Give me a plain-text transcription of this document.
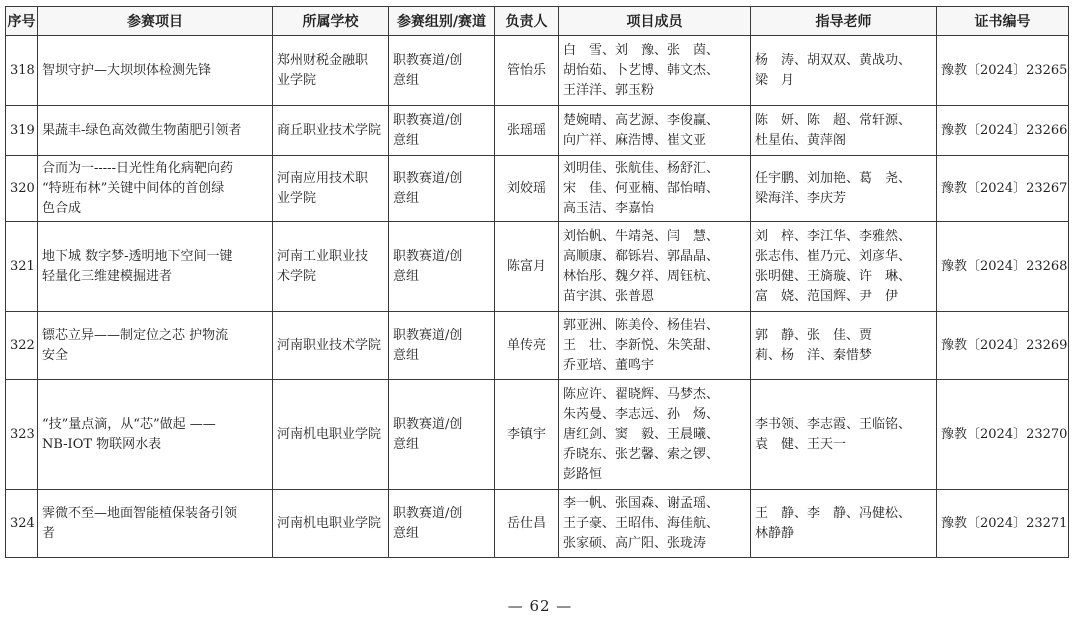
序号	参赛项目	所属学校	参赛组别/赛道	负责人	项目成员	指导老师	证书编号
318	智坝守护—大坝坝体检测先锋	郑州财税金融职
业学院	职教赛道/创
意组	管怡乐	白　雪、刘　豫、张　茵、
胡怡茹、卜艺博、韩文杰、
王洋洋、郭玉粉	杨　涛、胡双双、黄战功、
梁　月	豫教〔2024〕23265
319	果蔬丰-绿色高效微生物菌肥引领者	商丘职业技术学院	职教赛道/创
意组	张瑶瑶	楚婉晴、高艺源、李俊赢、
向广祥、麻浩博、崔文亚	陈　妍、陈　超、常轩源、
杜星佑、黄萍阁	豫教〔2024〕23266
320	合而为一-----日光性角化病靶向药
“特班布林”关键中间体的首创绿
色合成	河南应用技术职
业学院	职教赛道/创
意组	刘姣瑶	刘明佳、张航佳、杨舒汇、
宋　佳、何亚楠、郜怡晴、
高玉洁、李嘉怡	任宇鹏、刘加艳、葛　尧、
梁海洋、李庆芳	豫教〔2024〕23267
321	地下城 数字梦-透明地下空间一键
轻量化三维建模掘进者	河南工业职业技
术学院	职教赛道/创
意组	陈富月	刘怡帆、牛靖尧、闫　慧、
高顺康、郗铄岩、郭晶晶、
林怡彤、魏夕祥、周钰杭、
苗宇淇、张普恩	刘　梓、李江华、李雅然、
张志伟、崔乃元、刘彦华、
张明健、王旖璇、许　琳、
富　娆、范国辉、尹　伊	豫教〔2024〕23268
322	镖芯立异——制定位之芯 护物流
安全	河南职业技术学院	职教赛道/创
意组	单传亮	郭亚洲、陈美伶、杨佳岩、
王　壮、李新悦、朱笑甜、
乔亚培、董鸣宇	郭　静、张　佳、贾
莉、杨　洋、秦惜梦	豫教〔2024〕23269
323	“技”量点滴，从“芯”做起 ——
NB-IOT 物联网水表	河南机电职业学院	职教赛道/创
意组	李镇宇	陈应许、翟晓辉、马梦杰、
朱芮曼、李志远、孙　炀、
唐红剑、窦　毅、王晨曦、
乔晓东、张艺馨、索之锣、
彭路恒	李书领、李志霞、王临铭、
袁　健、王天一	豫教〔2024〕23270
324	霁微不至—地面智能植保装备引领
者	河南机电职业学院	职教赛道/创
意组	岳仕昌	李一帆、张国森、谢孟瑶、
王子豪、王昭伟、海佳航、
张家硕、高广阳、张珑涛	王　静、李　静、冯健松、
林静静	豫教〔2024〕23271
— 62 —
